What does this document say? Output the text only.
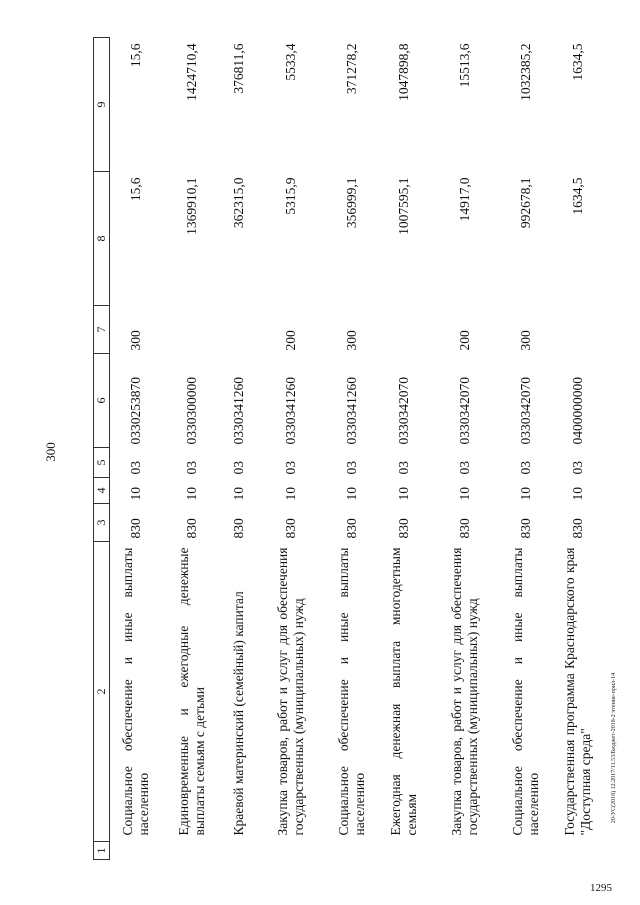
300
20-УС(2018) 12.2017/11.53/Бюджет-2018-2 чтение-прил-14
1295
1	2	3	4	5	6	7	8	9
	Социальное обеспечение и иные выплаты населению	830	10	03	0330253870	300	15,6	15,6
	Единовременные и ежегодные денежные выплаты семьям с детьми	830	10	03	0330300000		1369910,1	1424710,4
	Краевой материнский (семейный) капитал	830	10	03	0330341260		362315,0	376811,6
	Закупка товаров, работ и услуг для обеспечения государственных (муниципальных) нужд	830	10	03	0330341260	200	5315,9	5533,4
	Социальное обеспечение и иные выплаты населению	830	10	03	0330341260	300	356999,1	371278,2
	Ежегодная денежная выплата многодетным семьям	830	10	03	0330342070		1007595,1	1047898,8
	Закупка товаров, работ и услуг для обеспечения государственных (муниципальных) нужд	830	10	03	0330342070	200	14917,0	15513,6
	Социальное обеспечение и иные выплаты населению	830	10	03	0330342070	300	992678,1	1032385,2
	Государственная программа Краснодарского края "Доступная среда"	830	10	03	0400000000		1634,5	1634,5
